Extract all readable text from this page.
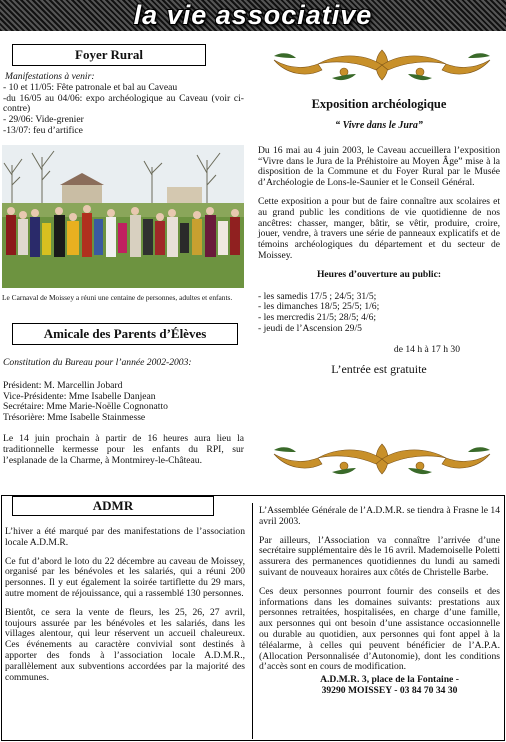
la vie associative
Foyer Rural
Manifestations à venir:
- 10 et 11/05: Fête patronale et bal au Caveau
-du 16/05 au 04/06: expo archéologique au Caveau (voir ci-contre)
- 29/06: Vide-grenier
-13/07: feu d’artifice
Le Carnaval de Moissey a réuni une centaine de personnes, adultes et enfants.
Amicale des Parents d’Élèves
Constitution du Bureau pour l’année 2002-2003:
Président: M. Marcellin Jobard
Vice-Présidente: Mme Isabelle Danjean
Secrétaire: Mme Marie-Noëlle Cognonatto
Trésorière: Mme Isabelle Stainmesse
Le 14 juin prochain à partir de 16 heures aura lieu la traditionnelle kermesse pour les enfants du RPI, sur l’esplanade de la Charme, à Montmirey-le-Château.
Exposition archéologique
“ Vivre dans le Jura”

Du 16 mai au 4 juin 2003, le Caveau accueillera l’exposition “Vivre dans le Jura de la Préhistoire au Moyen Âge” mise à la disposition de la Commune et du Foyer Rural par le Musée d’Archéologie de Lons-le-Saunier et le Conseil Général.

Cette exposition a pour but de faire connaître aux scolaires et au grand public les conditions de vie quotidienne de nos ancêtres: chasser, manger, bâtir, se vêtir, produire, croire, jouer, vendre, à travers une série de panneaux explicatifs et de témoins archéologiques du département et du secteur de Moissey.

Heures d’ouverture au public:
- les samedis 17/5 ; 24/5; 31/5;
- les dimanches 18/5; 25/5; 1/6;
- les mercredis 21/5; 28/5; 4/6;
- jeudi de l’Ascension 29/5
de 14 h à 17 h 30
L’entrée est gratuite
ADMR

L’hiver a été marqué par des manifestations de l’association locale A.D.M.R.

Ce fut d’abord le loto du 22 décembre au caveau de Moissey, organisé par les bénévoles et les salariés, qui a réuni 200 personnes. Il y eut également la soirée tartiflette du 29 mars, autre moment de réjouissance, qui a rassemblé 130 personnes.

Bientôt, ce sera la vente de fleurs, les 25, 26, 27 avril, toujours assurée par les bénévoles et les salariés, dans les villages alentour, qui leur réservent un accueil chaleureux. Ces événements au caractère convivial sont destinés à apporter des fonds à l’association locale A.D.M.R., parallèlement aux subventions accordées par la majorité des communes.

L’Assemblée Générale de l’A.D.M.R. se tiendra à Frasne le 14 avril 2003.

Par ailleurs, l’Association va connaître l’arrivée d’une secrétaire supplémentaire dès le 16 avril. Mademoiselle Poletti assurera des permanences quotidiennes du lundi au samedi suivant de nouveaux horaires aux côtés de Christelle Barbe.

Ces deux personnes pourront fournir des conseils et des informations dans les domaines suivants: prestations aux personnes retraitées, hospitalisées, en charge d’une famille, aux personnes qui ont besoin d’une assistance occasionnelle ou durable au quotidien, aux personnes qui font appel à la téléalarme, à celles qui peuvent bénéficier de l’A.P.A. (Allocation Personnalisée d’Autonomie), dont les conditions d’accès sont en cours de modification.

A.D.M.R. 3, place de la Fontaine -
39290 MOISSEY - 03 84 70 34 30
